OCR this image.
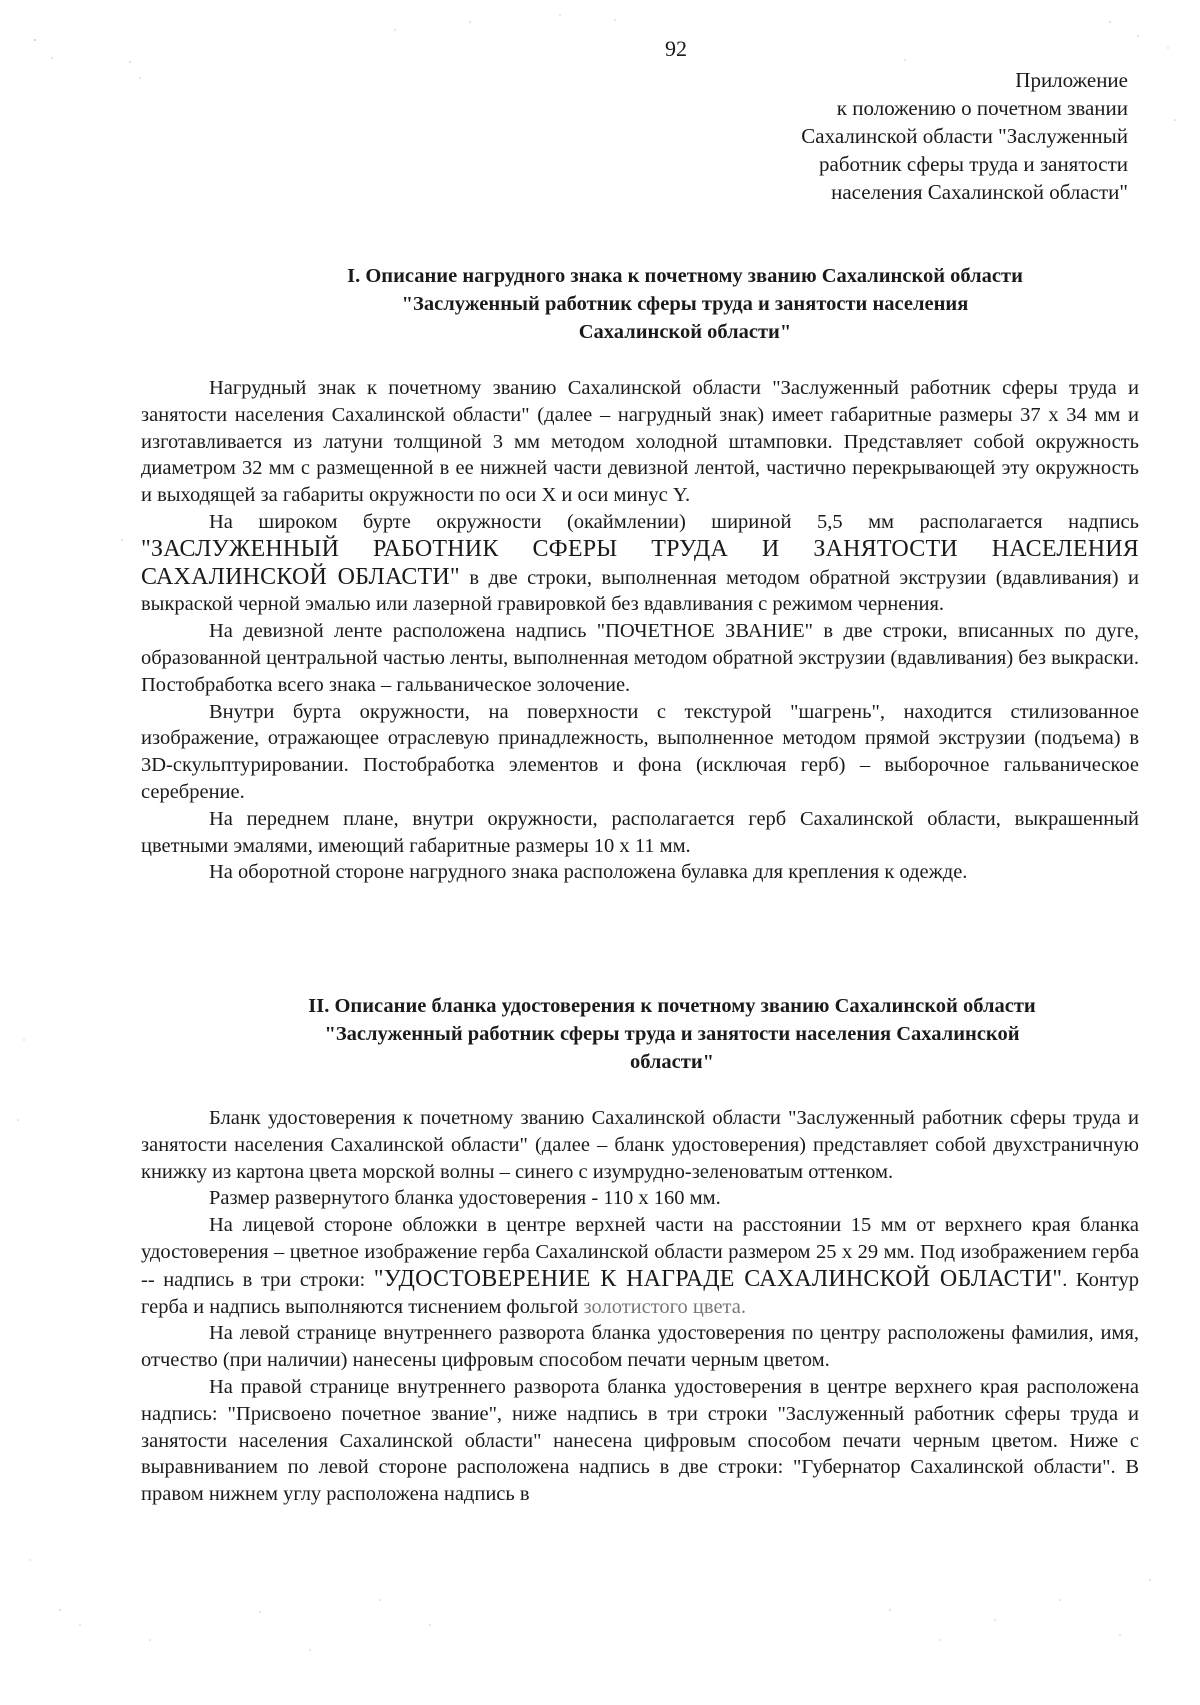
92
Приложение
к положению о почетном звании
Сахалинской области "Заслуженный
работник сферы труда и занятости
населения Сахалинской области"
I. Описание нагрудного знака к почетному званию Сахалинской области
"Заслуженный работник сферы труда и занятости населения
Сахалинской области"

Нагрудный знак к почетному званию Сахалинской области "Заслуженный работник сферы труда и занятости населения Сахалинской области" (далее – нагрудный знак) имеет габаритные размеры 37 x 34 мм и изготавливается из латуни толщиной 3 мм методом холодной штамповки. Представляет собой окружность диаметром 32 мм с размещенной в ее нижней части девизной лентой, частично перекрывающей эту окружность и выходящей за габариты окружности по оси X и оси минус Y.

На широком бурте окружности (окаймлении) шириной 5,5 мм располагается надпись "ЗАСЛУЖЕННЫЙ РАБОТНИК СФЕРЫ ТРУДА И ЗАНЯТОСТИ НАСЕЛЕНИЯ САХАЛИНСКОЙ ОБЛАСТИ" в две строки, выполненная методом обратной экструзии (вдавливания) и выкраской черной эмалью или лазерной гравировкой без вдавливания с режимом чернения.

На девизной ленте расположена надпись "ПОЧЕТНОЕ ЗВАНИЕ" в две строки, вписанных по дуге, образованной центральной частью ленты, выполненная методом обратной экструзии (вдавливания) без выкраски. Постобработка всего знака – гальваническое золочение.

Внутри бурта окружности, на поверхности с текстурой "шагрень", находится стилизованное изображение, отражающее отраслевую принадлежность, выполненное методом прямой экструзии (подъема) в 3D-скульптурировании. Постобработка элементов и фона (исключая герб) – выборочное гальваническое серебрение.

На переднем плане, внутри окружности, располагается герб Сахалинской области, выкрашенный цветными эмалями, имеющий габаритные размеры 10 x 11 мм.

На оборотной стороне нагрудного знака расположена булавка для крепления к одежде.

II. Описание бланка удостоверения к почетному званию Сахалинской области
"Заслуженный работник сферы труда и занятости населения Сахалинской
области"

Бланк удостоверения к почетному званию Сахалинской области "Заслуженный работник сферы труда и занятости населения Сахалинской области" (далее – бланк удостоверения) представляет собой двухстраничную книжку из картона цвета морской волны – синего с изумрудно-зеленоватым оттенком.

Размер развернутого бланка удостоверения - 110 x 160 мм.

На лицевой стороне обложки в центре верхней части на расстоянии 15 мм от верхнего края бланка удостоверения – цветное изображение герба Сахалинской области размером 25 x 29 мм. Под изображением герба -- надпись в три строки: "УДОСТОВЕРЕНИЕ К НАГРАДЕ САХАЛИНСКОЙ ОБЛАСТИ". Контур герба и надпись выполняются тиснением фольгой золотистого цвета.

На левой странице внутреннего разворота бланка удостоверения по центру расположены фамилия, имя, отчество (при наличии) нанесены цифровым способом печати черным цветом.

На правой странице внутреннего разворота бланка удостоверения в центре верхнего края расположена надпись: "Присвоено почетное звание", ниже надпись в три строки "Заслуженный работник сферы труда и занятости населения Сахалинской области" нанесена цифровым способом печати черным цветом. Ниже с выравниванием по левой стороне расположена надпись в две строки: "Губернатор Сахалинской области". В правом нижнем углу расположена надпись в
